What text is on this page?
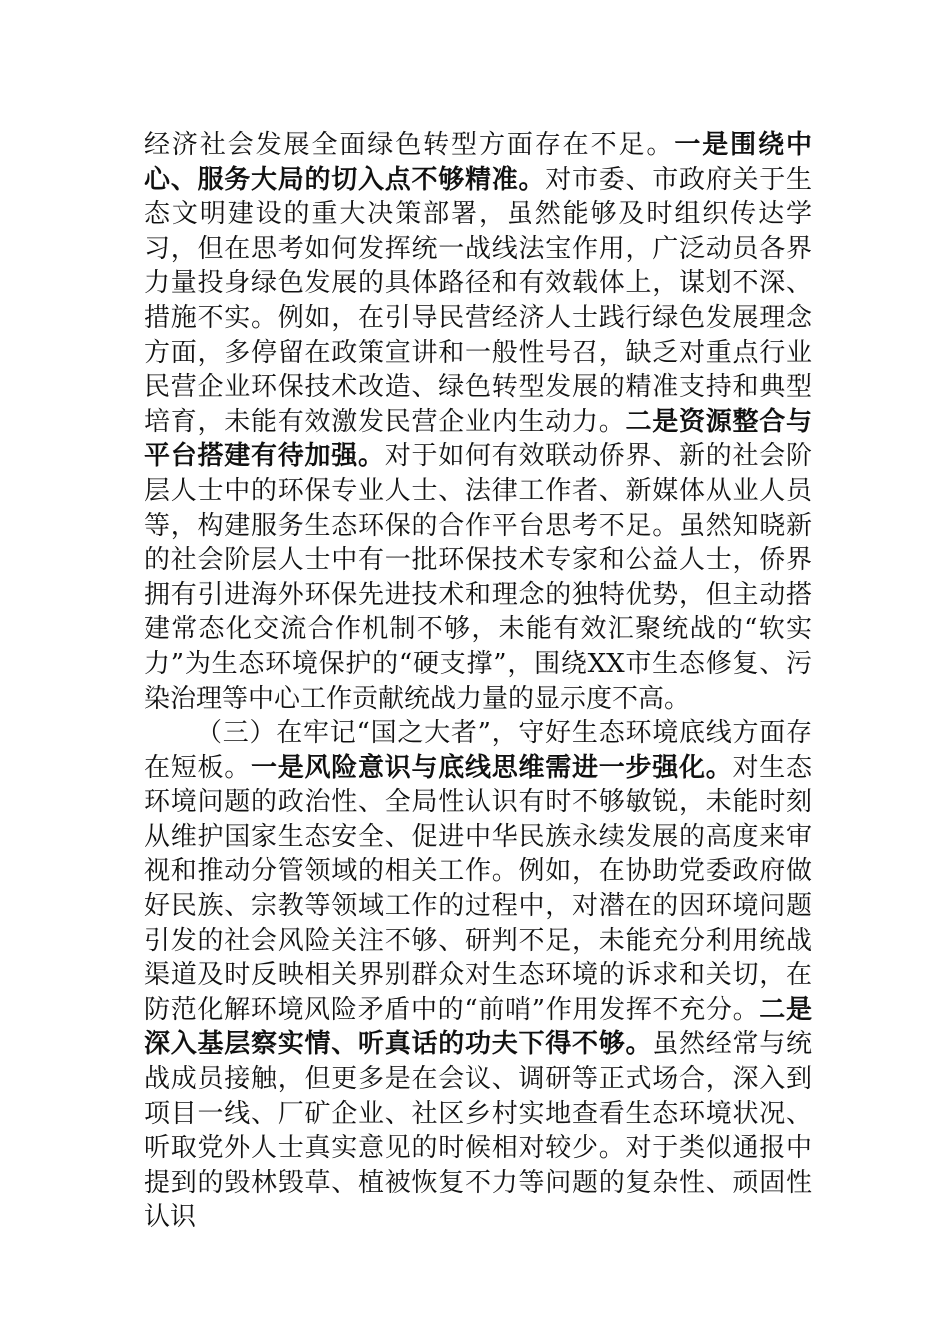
经济社会发展全面绿色转型方面存在不足。一是围绕中心、服务大局的切入点不够精准。对市委、市政府关于生态文明建设的重大决策部署，虽然能够及时组织传达学习，但在思考如何发挥统一战线法宝作用，广泛动员各界力量投身绿色发展的具体路径和有效载体上，谋划不深、措施不实。例如，在引导民营经济人士践行绿色发展理念方面，多停留在政策宣讲和一般性号召，缺乏对重点行业民营企业环保技术改造、绿色转型发展的精准支持和典型培育，未能有效激发民营企业内生动力。二是资源整合与平台搭建有待加强。对于如何有效联动侨界、新的社会阶层人士中的环保专业人士、法律工作者、新媒体从业人员等，构建服务生态环保的合作平台思考不足。虽然知晓新的社会阶层人士中有一批环保技术专家和公益人士，侨界拥有引进海外环保先进技术和理念的独特优势，但主动搭建常态化交流合作机制不够，未能有效汇聚统战的“软实力”为生态环境保护的“硬支撑”，围绕XX市生态修复、污染治理等中心工作贡献统战力量的显示度不高。

（三）在牢记“国之大者”，守好生态环境底线方面存在短板。一是风险意识与底线思维需进一步强化。对生态环境问题的政治性、全局性认识有时不够敏锐，未能时刻从维护国家生态安全、促进中华民族永续发展的高度来审视和推动分管领域的相关工作。例如，在协助党委政府做好民族、宗教等领域工作的过程中，对潜在的因环境问题引发的社会风险关注不够、研判不足，未能充分利用统战渠道及时反映相关界别群众对生态环境的诉求和关切，在防范化解环境风险矛盾中的“前哨”作用发挥不充分。二是深入基层察实情、听真话的功夫下得不够。虽然经常与统战成员接触，但更多是在会议、调研等正式场合，深入到项目一线、厂矿企业、社区乡村实地查看生态环境状况、听取党外人士真实意见的时候相对较少。对于类似通报中提到的毁林毁草、植被恢复不力等问题的复杂性、顽固性认识
